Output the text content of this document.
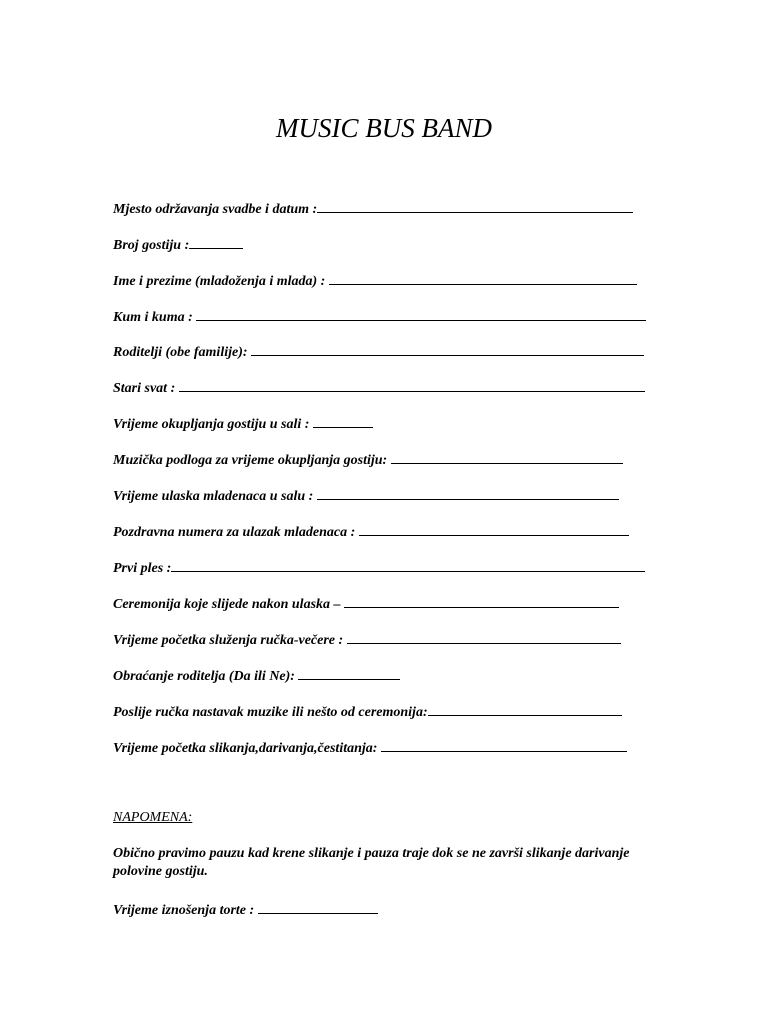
MUSIC BUS BAND
Mjesto održavanja svadbe i datum :
Broj gostiju :
Ime i prezime (mladoženja i mlada) :
Kum i kuma :
Roditelji (obe familije):
Stari svat :
Vrijeme okupljanja gostiju u sali :
Muzička podloga za vrijeme okupljanja gostiju:
Vrijeme ulaska mladenaca u salu :
Pozdravna numera za ulazak mladenaca :
Prvi ples :
Ceremonija koje slijede nakon ulaska –
Vrijeme početka služenja ručka-večere :
Obraćanje roditelja (Da ili Ne):
Poslije ručka nastavak muzike ili nešto od ceremonija:
Vrijeme početka slikanja,darivanja,čestitanja:
NAPOMENA:
Obično pravimo pauzu kad krene slikanje i pauza traje dok se ne završi slikanje darivanje polovine gostiju.
Vrijeme iznošenja torte :
